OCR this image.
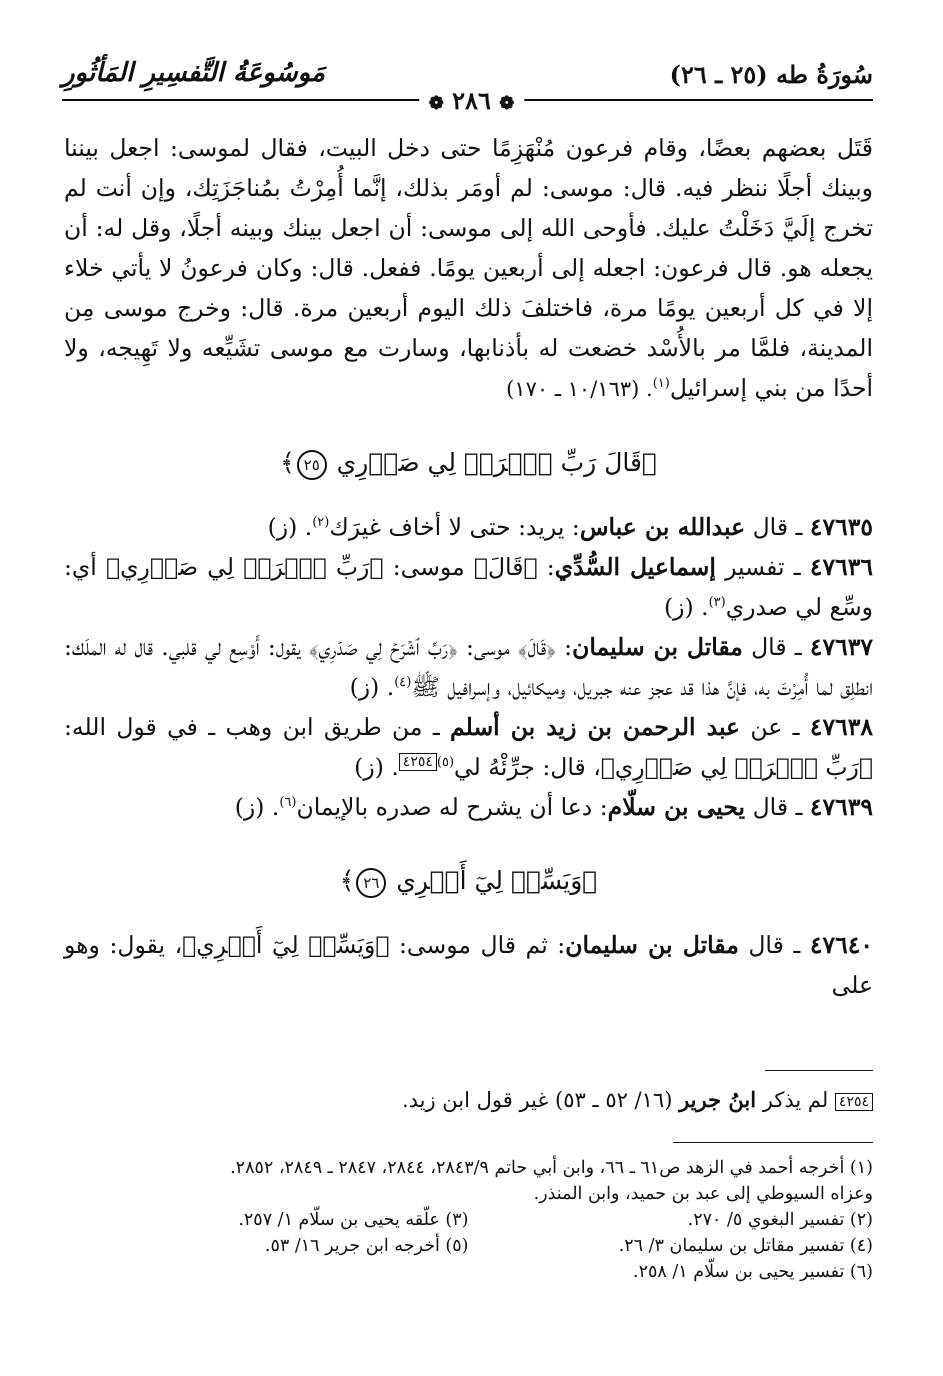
سُورَةُ طه (٢٥ ـ ٢٦)
مَوسُوعَةُ التَّفسِيرِ المَأثُورِ
❁ ٢٨٦ ❁

قَتَل بعضهم بعضًا، وقام فرعون مُنْهَزِمًا حتى دخل البيت، فقال لموسى: اجعل بيننا وبينك أجلًا ننظر فيه. قال: موسى: لم أومَر بذلك، إنَّما أُمِرْتُ بمُناجَزَتِك، وإن أنت لم تخرج إلَيَّ دَخَلْتُ عليك. فأوحى الله إلى موسى: أن اجعل بينك وبينه أجلًا، وقل له: أن يجعله هو. قال فرعون: اجعله إلى أربعين يومًا. ففعل. قال: وكان فرعونُ لا يأتي خلاء إلا في كل أربعين يومًا مرة، فاختلفَ ذلك اليوم أربعين مرة. قال: وخرج موسى مِن المدينة، فلمَّا مر بالأُسْد خضعت له بأذنابها، وسارت مع موسى تشَيِّعه ولا تَهِيجه، ولا أحدًا من بني إسرائيل$^{(١)}$. (١٠/١٦٣ ـ ١٧٠)

﴿قَالَ رَبِّ ٱشۡرَحۡ لِي صَدۡرِي ٢٥﴾

٤٧٦٣٥ ـ قال عبدالله بن عباس: يريد: حتى لا أخاف غيرَك$^{(٢)}$. (ز)

٤٧٦٣٦ ـ تفسير إسماعيل السُّدِّي: ﴿قَالَ﴾ موسى: ﴿رَبِّ ٱشۡرَحۡ لِي صَدۡرِي﴾ أي: وسِّع لي صدري$^{(٣)}$. (ز)

٤٧٦٣٧ ـ قال مقاتل بن سليمان: ﴿قَالَ﴾ موسى: ﴿رَبِّ ٱشۡرَحۡ لِي صَدۡرِي﴾ يقول: أَوْسِع لي قلبي. قال له الملَك: انطلِق لما أُمِرْتَ به، فإنَّ هذا قد عجز عنه جبريل، وميكائيل، وإسرافيل ﷺ$^{(٤)}$. (ز)

٤٧٦٣٨ ـ عن عبد الرحمن بن زيد بن أسلم ـ من طريق ابن وهب ـ في قول الله: ﴿رَبِّ ٱشۡرَحۡ لِي صَدۡرِي﴾، قال: جرِّئْهُ لي$^{(٥)}$٤٢٥٤. (ز)

٤٧٦٣٩ ـ قال يحيى بن سلّام: دعا أن يشرح له صدره بالإيمان$^{(٦)}$. (ز)

﴿وَيَسِّرۡ لِيٓ أَمۡرِي ٢٦﴾

٤٧٦٤٠ ـ قال مقاتل بن سليمان: ثم قال موسى: ﴿وَيَسِّرۡ لِيٓ أَمۡرِي﴾، يقول: وهو على

٤٢٥٤ لم يذكر ابنُ جرير (١٦/ ٥٢ ـ ٥٣) غير قول ابن زيد.
(١) أخرجه أحمد في الزهد ص٦١ ـ ٦٦، وابن أبي حاتم ٢٨٤٣/٩، ٢٨٤٤، ٢٨٤٧ ـ ٢٨٤٩، ٢٨٥٢.
وعزاه السيوطي إلى عبد بن حميد، وابن المنذر.
(٢) تفسير البغوي ٥/ ٢٧٠.
(٣) علّقه يحيى بن سلّام ١/ ٢٥٧.
(٤) تفسير مقاتل بن سليمان ٣/ ٢٦.
(٥) أخرجه ابن جرير ١٦/ ٥٣.
(٦) تفسير يحيى بن سلّام ١/ ٢٥٨.
